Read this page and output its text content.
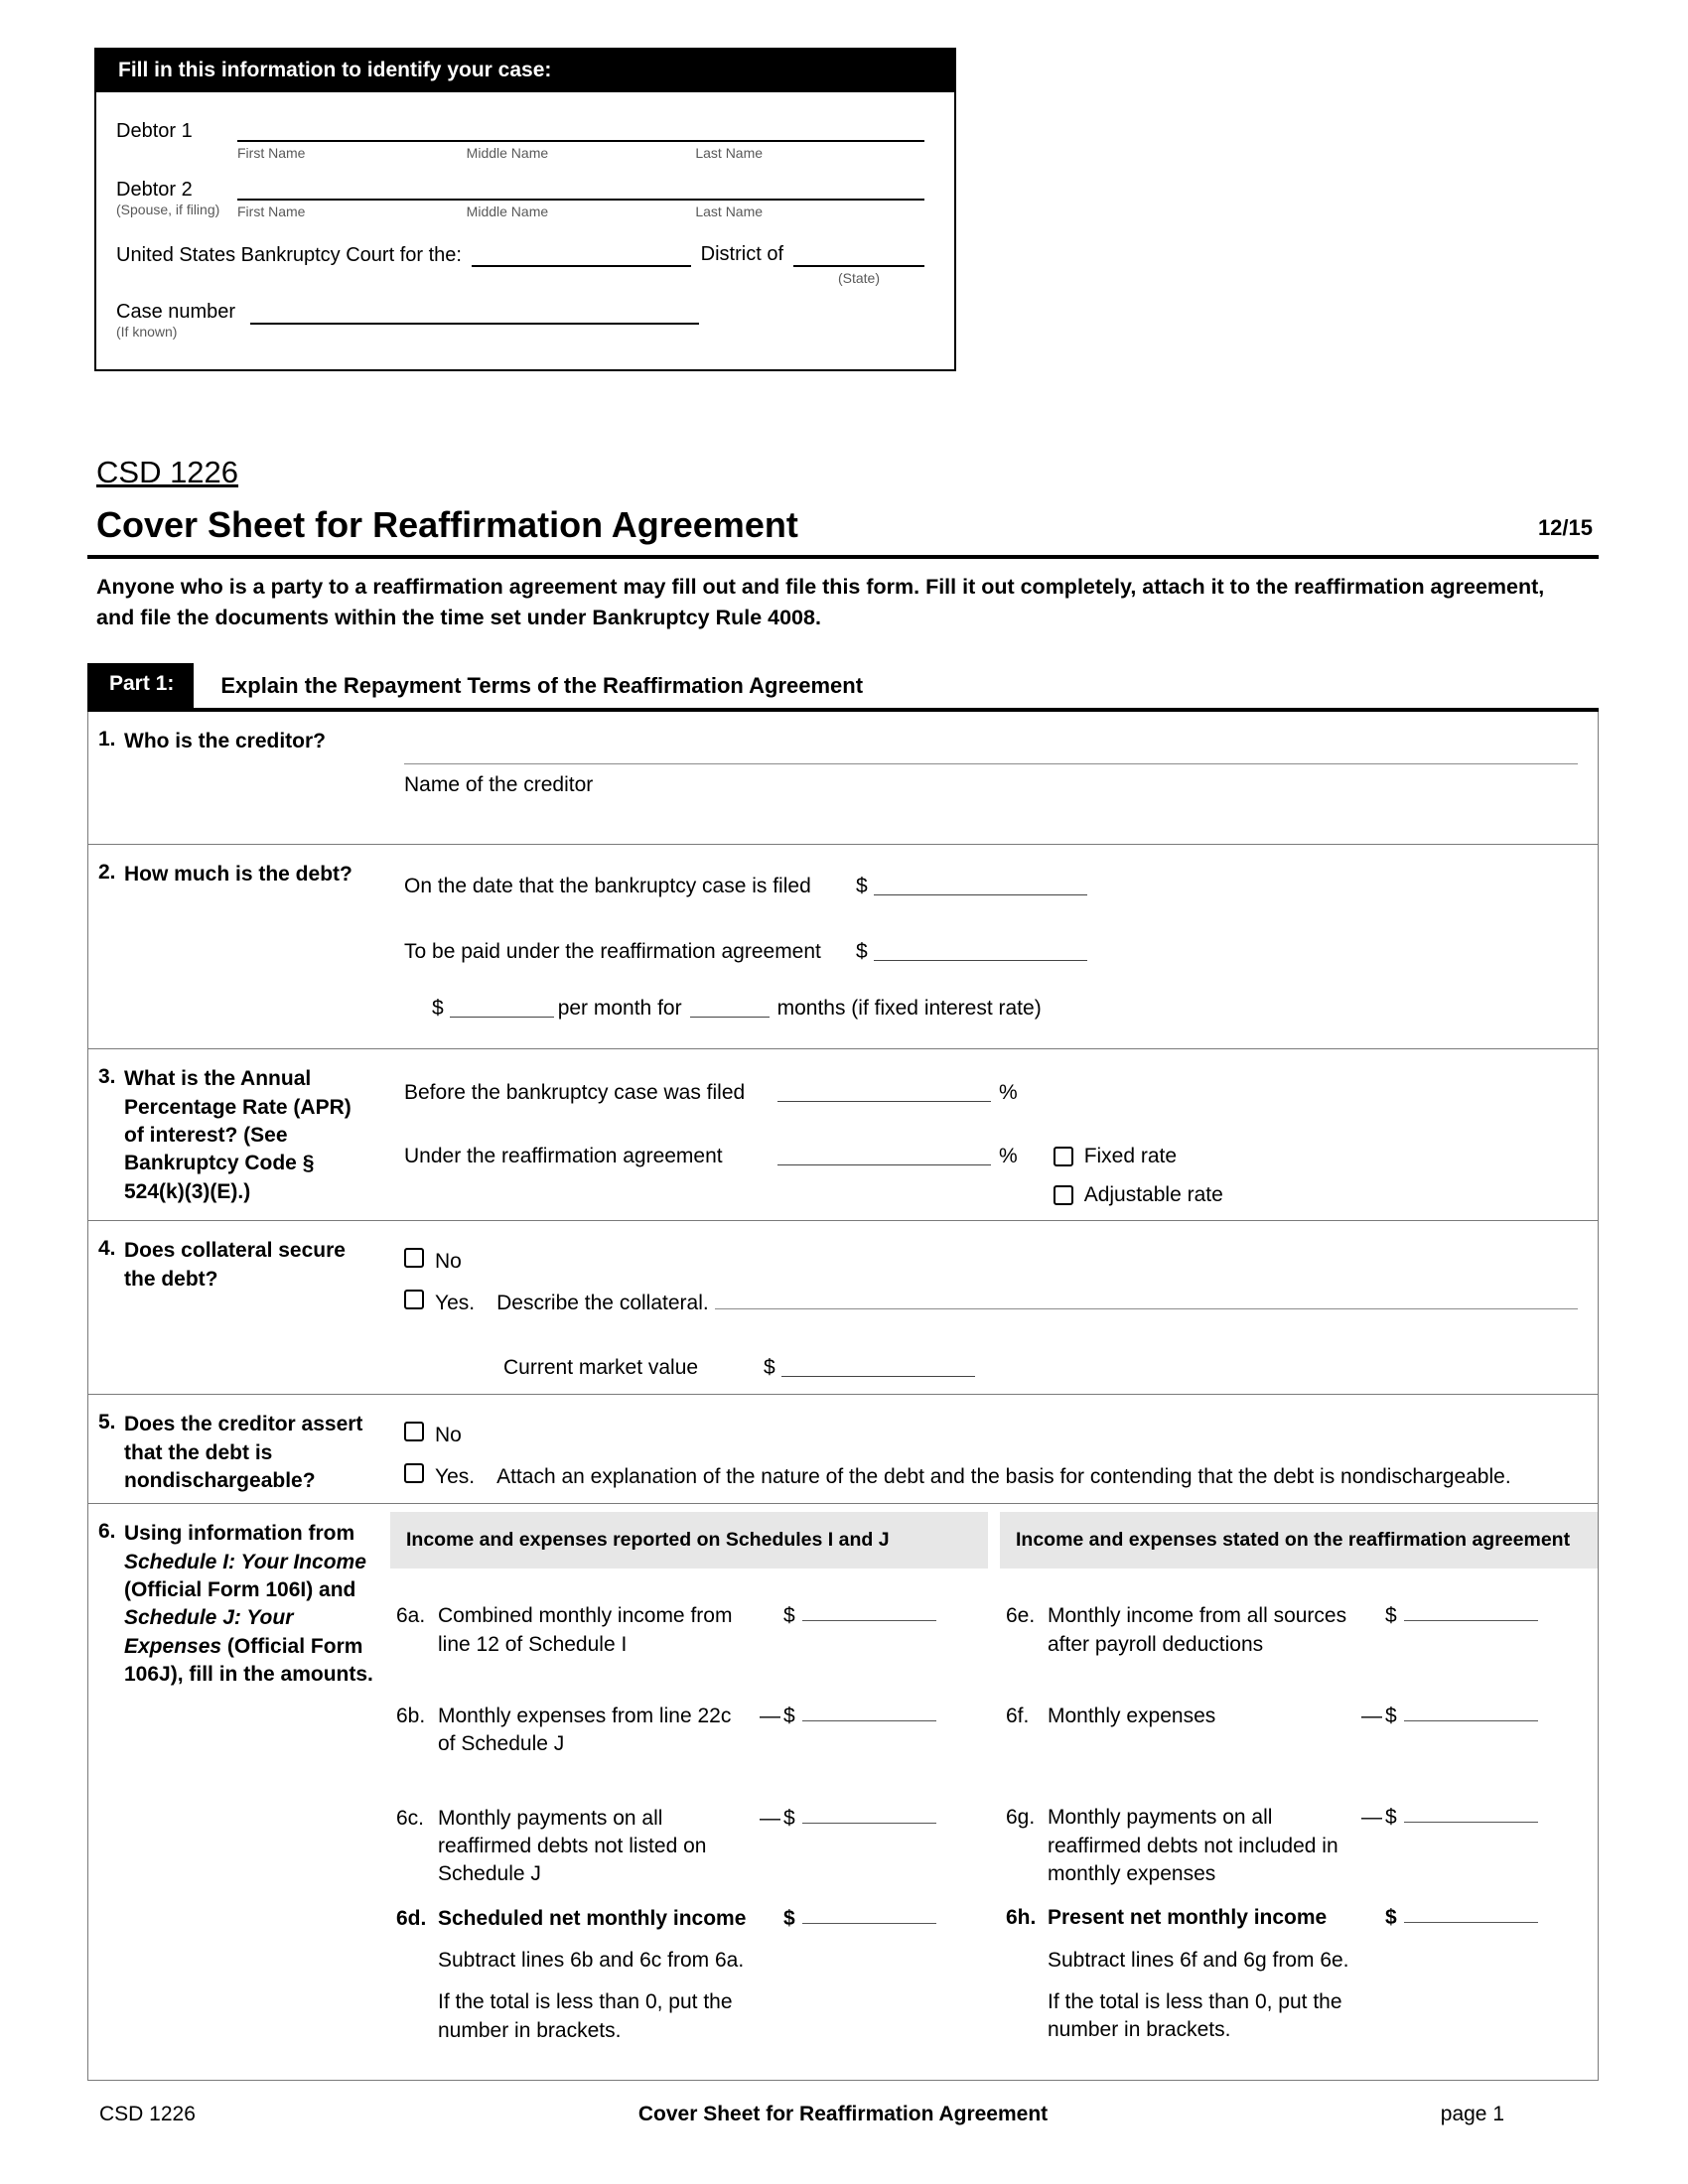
Fill in this information to identify your case:
Debtor 1
First Name	Middle Name	Last Name
Debtor 2
(Spouse, if filing)	First Name	Middle Name	Last Name
United States Bankruptcy Court for the:	District of
(State)
Case number
(If known)
CSD 1226
Cover Sheet for Reaffirmation Agreement	12/15
Anyone who is a party to a reaffirmation agreement may fill out and file this form. Fill it out completely, attach it to the reaffirmation agreement, and file the documents within the time set under Bankruptcy Rule 4008.
Part 1:	Explain the Repayment Terms of the Reaffirmation Agreement
1. Who is the creditor?
Name of the creditor
2. How much is the debt?
On the date that the bankruptcy case is filed $
To be paid under the reaffirmation agreement $
$	per month for	months (if fixed interest rate)
3. What is the Annual Percentage Rate (APR) of interest? (See Bankruptcy Code § 524(k)(3)(E).)
Before the bankruptcy case was filed	%
Under the reaffirmation agreement	%	Fixed rate
Adjustable rate
4. Does collateral secure the debt?
No
Yes. Describe the collateral.
Current market value	$
5. Does the creditor assert that the debt is nondischargeable?
No
Yes. Attach an explanation of the nature of the debt and the basis for contending that the debt is nondischargeable.
6. Using information from Schedule I: Your Income (Official Form 106I) and Schedule J: Your Expenses (Official Form 106J), fill in the amounts.
Income and expenses reported on Schedules I and J
6a. Combined monthly income from line 12 of Schedule I
$
6b. Monthly expenses from line 22c of Schedule J
— $
6c. Monthly payments on all reaffirmed debts not listed on Schedule J
— $
6d. Scheduled net monthly income	$
Subtract lines 6b and 6c from 6a.
If the total is less than 0, put the number in brackets.
Income and expenses stated on the reaffirmation agreement
6e. Monthly income from all sources after payroll deductions
$
6f. Monthly expenses	— $
6g. Monthly payments on all reaffirmed debts not included in monthly expenses
— $
6h. Present net monthly income	$
Subtract lines 6f and 6g from 6e.
If the total is less than 0, put the number in brackets.
CSD 1226	Cover Sheet for Reaffirmation Agreement	page 1
